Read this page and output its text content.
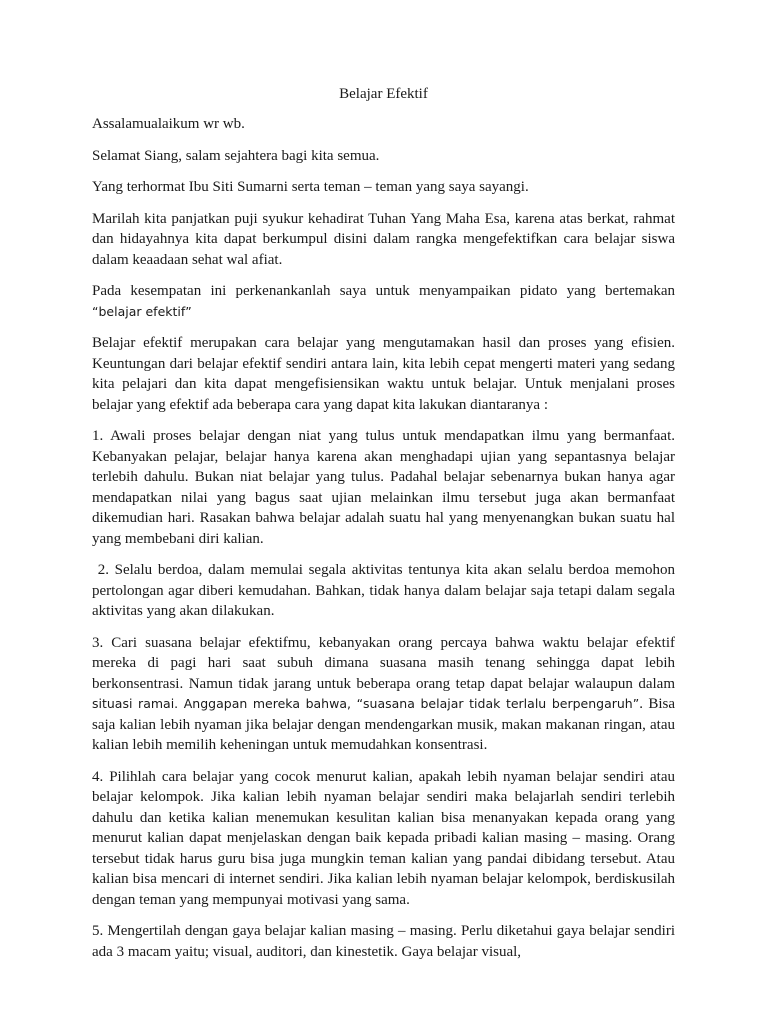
Belajar Efektif

Assalamualaikum wr wb.

Selamat Siang, salam sejahtera bagi kita semua.

Yang terhormat Ibu Siti Sumarni serta teman – teman yang saya sayangi.

Marilah kita panjatkan puji syukur kehadirat Tuhan Yang Maha Esa, karena atas berkat, rahmat dan hidayahnya kita dapat berkumpul disini dalam rangka mengefektifkan cara belajar siswa dalam keaadaan sehat wal afiat.

Pada kesempatan ini perkenankanlah saya untuk menyampaikan pidato yang bertemakan “belajar efektif”

Belajar efektif merupakan cara belajar yang mengutamakan hasil dan proses yang efisien. Keuntungan dari belajar efektif sendiri antara lain, kita lebih cepat mengerti materi yang sedang kita pelajari dan kita dapat mengefisiensikan waktu untuk belajar. Untuk menjalani proses belajar yang efektif ada beberapa cara yang dapat kita lakukan diantaranya :

1. Awali proses belajar dengan niat yang tulus untuk mendapatkan ilmu yang bermanfaat. Kebanyakan pelajar, belajar hanya karena akan menghadapi ujian yang sepantasnya belajar terlebih dahulu. Bukan niat belajar yang tulus. Padahal belajar sebenarnya bukan hanya agar mendapatkan nilai yang bagus saat ujian melainkan ilmu tersebut juga akan bermanfaat dikemudian hari. Rasakan bahwa belajar adalah suatu hal yang menyenangkan bukan suatu hal yang membebani diri kalian.

2. Selalu berdoa, dalam memulai segala aktivitas tentunya kita akan selalu berdoa memohon pertolongan agar diberi kemudahan. Bahkan, tidak hanya dalam belajar saja tetapi dalam segala aktivitas yang akan dilakukan.

3. Cari suasana belajar efektifmu, kebanyakan orang percaya bahwa waktu belajar efektif mereka di pagi hari saat subuh dimana suasana masih tenang sehingga dapat lebih berkonsentrasi. Namun tidak jarang untuk beberapa orang tetap dapat belajar walaupun dalam situasi ramai. Anggapan mereka bahwa, “suasana belajar tidak terlalu berpengaruh”. Bisa saja kalian lebih nyaman jika belajar dengan mendengarkan musik, makan makanan ringan, atau kalian lebih memilih keheningan untuk memudahkan konsentrasi.

4. Pilihlah cara belajar yang cocok menurut kalian, apakah lebih nyaman belajar sendiri atau belajar kelompok. Jika kalian lebih nyaman belajar sendiri maka belajarlah sendiri terlebih dahulu dan ketika kalian menemukan kesulitan kalian bisa menanyakan kepada orang yang menurut kalian dapat menjelaskan dengan baik kepada pribadi kalian masing – masing. Orang tersebut tidak harus guru bisa juga mungkin teman kalian yang pandai dibidang tersebut. Atau kalian bisa mencari di internet sendiri. Jika kalian lebih nyaman belajar kelompok, berdiskusilah dengan teman yang mempunyai motivasi yang sama.

5. Mengertilah dengan gaya belajar kalian masing – masing. Perlu diketahui gaya belajar sendiri ada 3 macam yaitu; visual, auditori, dan kinestetik. Gaya belajar visual,
